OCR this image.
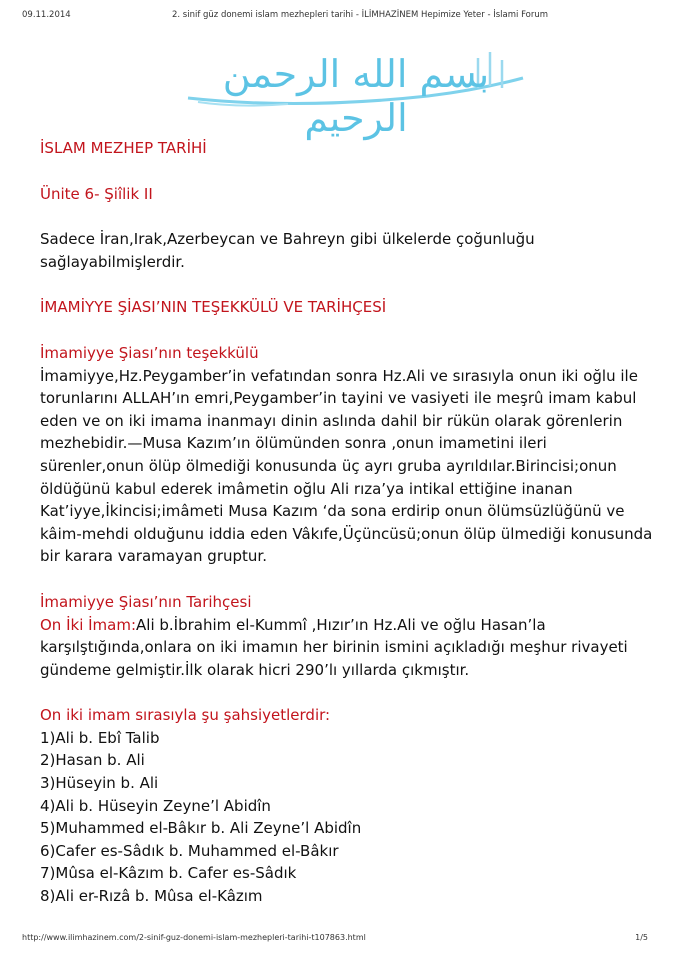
09.11.2014	2. sinif güz donemi islam mezhepleri tarihi - İLİMHAZİNEM Hepimize Yeter - İslami Forum
بسم الله الرحمن الرحيم
İSLAM MEZHEP TARİHİ
Ünite 6- Şiîlik II
Sadece İran,Irak,Azerbeycan ve Bahreyn gibi ülkelerde çoğunluğu
sağlayabilmişlerdir.
İMAMİYYE ŞİASI’NIN TEŞEKKÜLÜ VE TARİHÇESİ
İmamiyye Şiası’nın teşekkülü
İmamiyye,Hz.Peygamber’in vefatından sonra Hz.Ali ve sırasıyla onun iki oğlu ile
torunlarını ALLAH’ın emri,Peygamber’in tayini ve vasiyeti ile meşrû imam kabul
eden ve on iki imama inanmayı dinin aslında dahil bir rükün olarak görenlerin
mezhebidir.—Musa Kazım’ın ölümünden sonra ,onun imametini ileri
sürenler,onun ölüp ölmediği konusunda üç ayrı gruba ayrıldılar.Birincisi;onun
öldüğünü kabul ederek imâmetin oğlu Ali rıza’ya intikal ettiğine inanan
Kat’iyye,İkincisi;imâmeti Musa Kazım ‘da sona erdirip onun ölümsüzlüğünü ve
kâim-mehdi olduğunu iddia eden Vâkıfe,Üçüncüsü;onun ölüp ülmediği konusunda
bir karara varamayan gruptur.
İmamiyye Şiası’nın Tarihçesi
On İki İmam:Ali b.İbrahim el-Kummî ,Hızır’ın Hz.Ali ve oğlu Hasan’la
karşılştığında,onlara on iki imamın her birinin ismini açıkladığı meşhur rivayeti
gündeme gelmiştir.İlk olarak hicri 290’lı yıllarda çıkmıştır.
On iki imam sırasıyla şu şahsiyetlerdir:
1)Ali b. Ebî Talib
2)Hasan b. Ali
3)Hüseyin b. Ali
4)Ali b. Hüseyin Zeyne’l Abidîn
5)Muhammed el-Bâkır b. Ali Zeyne’l Abidîn
6)Cafer es-Sâdık b. Muhammed el-Bâkır
7)Mûsa el-Kâzım b. Cafer es-Sâdık
8)Ali er-Rızâ b. Mûsa el-Kâzım
http://www.ilimhazinem.com/2-sinif-guz-donemi-islam-mezhepleri-tarihi-t107863.html	1/5
